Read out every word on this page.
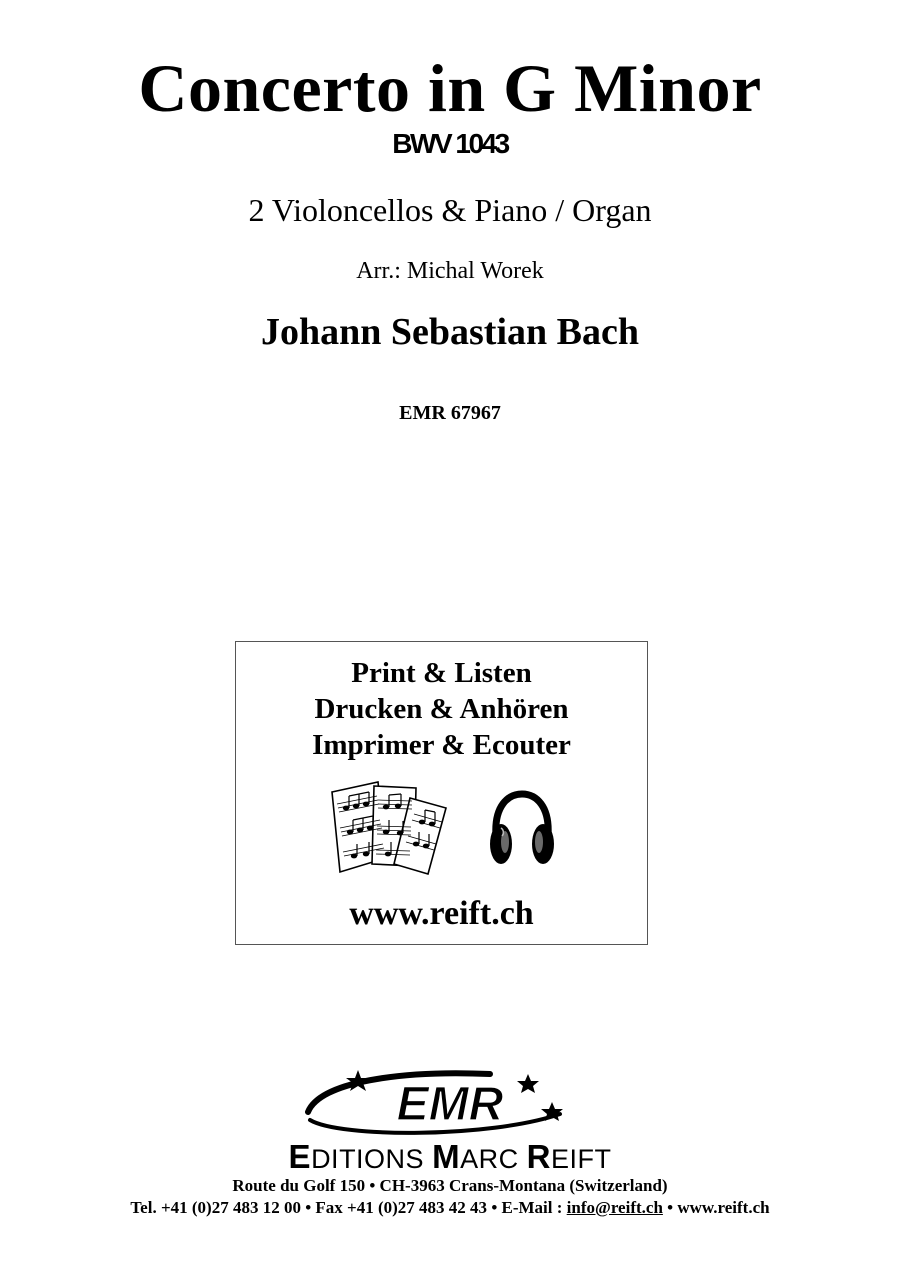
Concerto in G Minor
BWV 1043
2 Violoncellos & Piano / Organ
Arr.: Michal Worek
Johann Sebastian Bach
EMR 67967
Print & Listen
Drucken & Anhören
Imprimer & Ecouter
www.reift.ch
EMR
EDITIONS MARC REIFT
Route du Golf 150 • CH-3963 Crans-Montana (Switzerland)
Tel. +41 (0)27 483 12 00 • Fax +41 (0)27 483 42 43 • E-Mail : info@reift.ch • www.reift.ch
